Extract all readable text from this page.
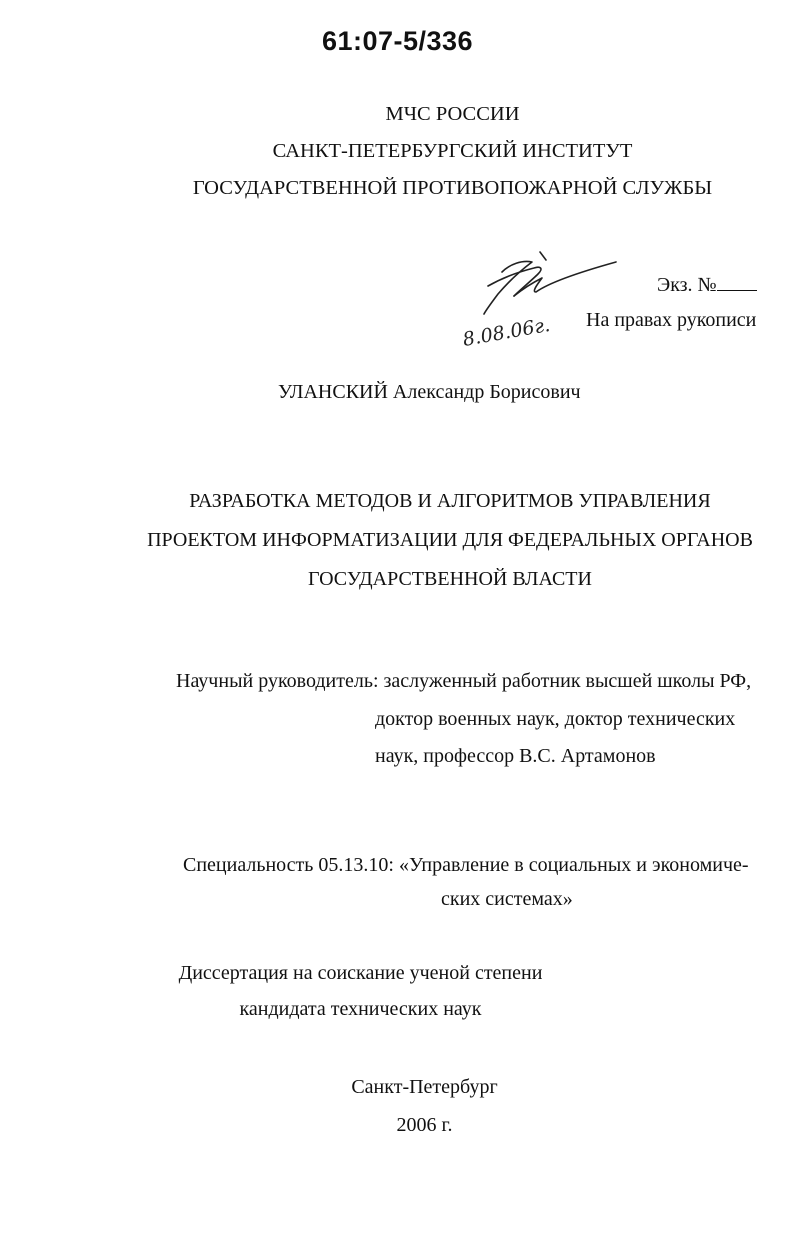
61:07-5/336
МЧС РОССИИ
САНКТ-ПЕТЕРБУРГСКИЙ ИНСТИТУТ
ГОСУДАРСТВЕННОЙ ПРОТИВОПОЖАРНОЙ СЛУЖБЫ
8.08.06г.
Экз. №
На правах рукописи
УЛАНСКИЙ Александр Борисович
РАЗРАБОТКА МЕТОДОВ И АЛГОРИТМОВ УПРАВЛЕНИЯ
ПРОЕКТОМ ИНФОРМАТИЗАЦИИ ДЛЯ ФЕДЕРАЛЬНЫХ ОРГАНОВ
ГОСУДАРСТВЕННОЙ ВЛАСТИ
Научный руководитель: заслуженный работник высшей школы РФ,
доктор военных наук, доктор технических
наук, профессор В.С. Артамонов
Специальность 05.13.10: «Управление в социальных и экономиче-
ских системах»
Диссертация на соискание ученой степени
кандидата технических наук
Санкт-Петербург
2006 г.
